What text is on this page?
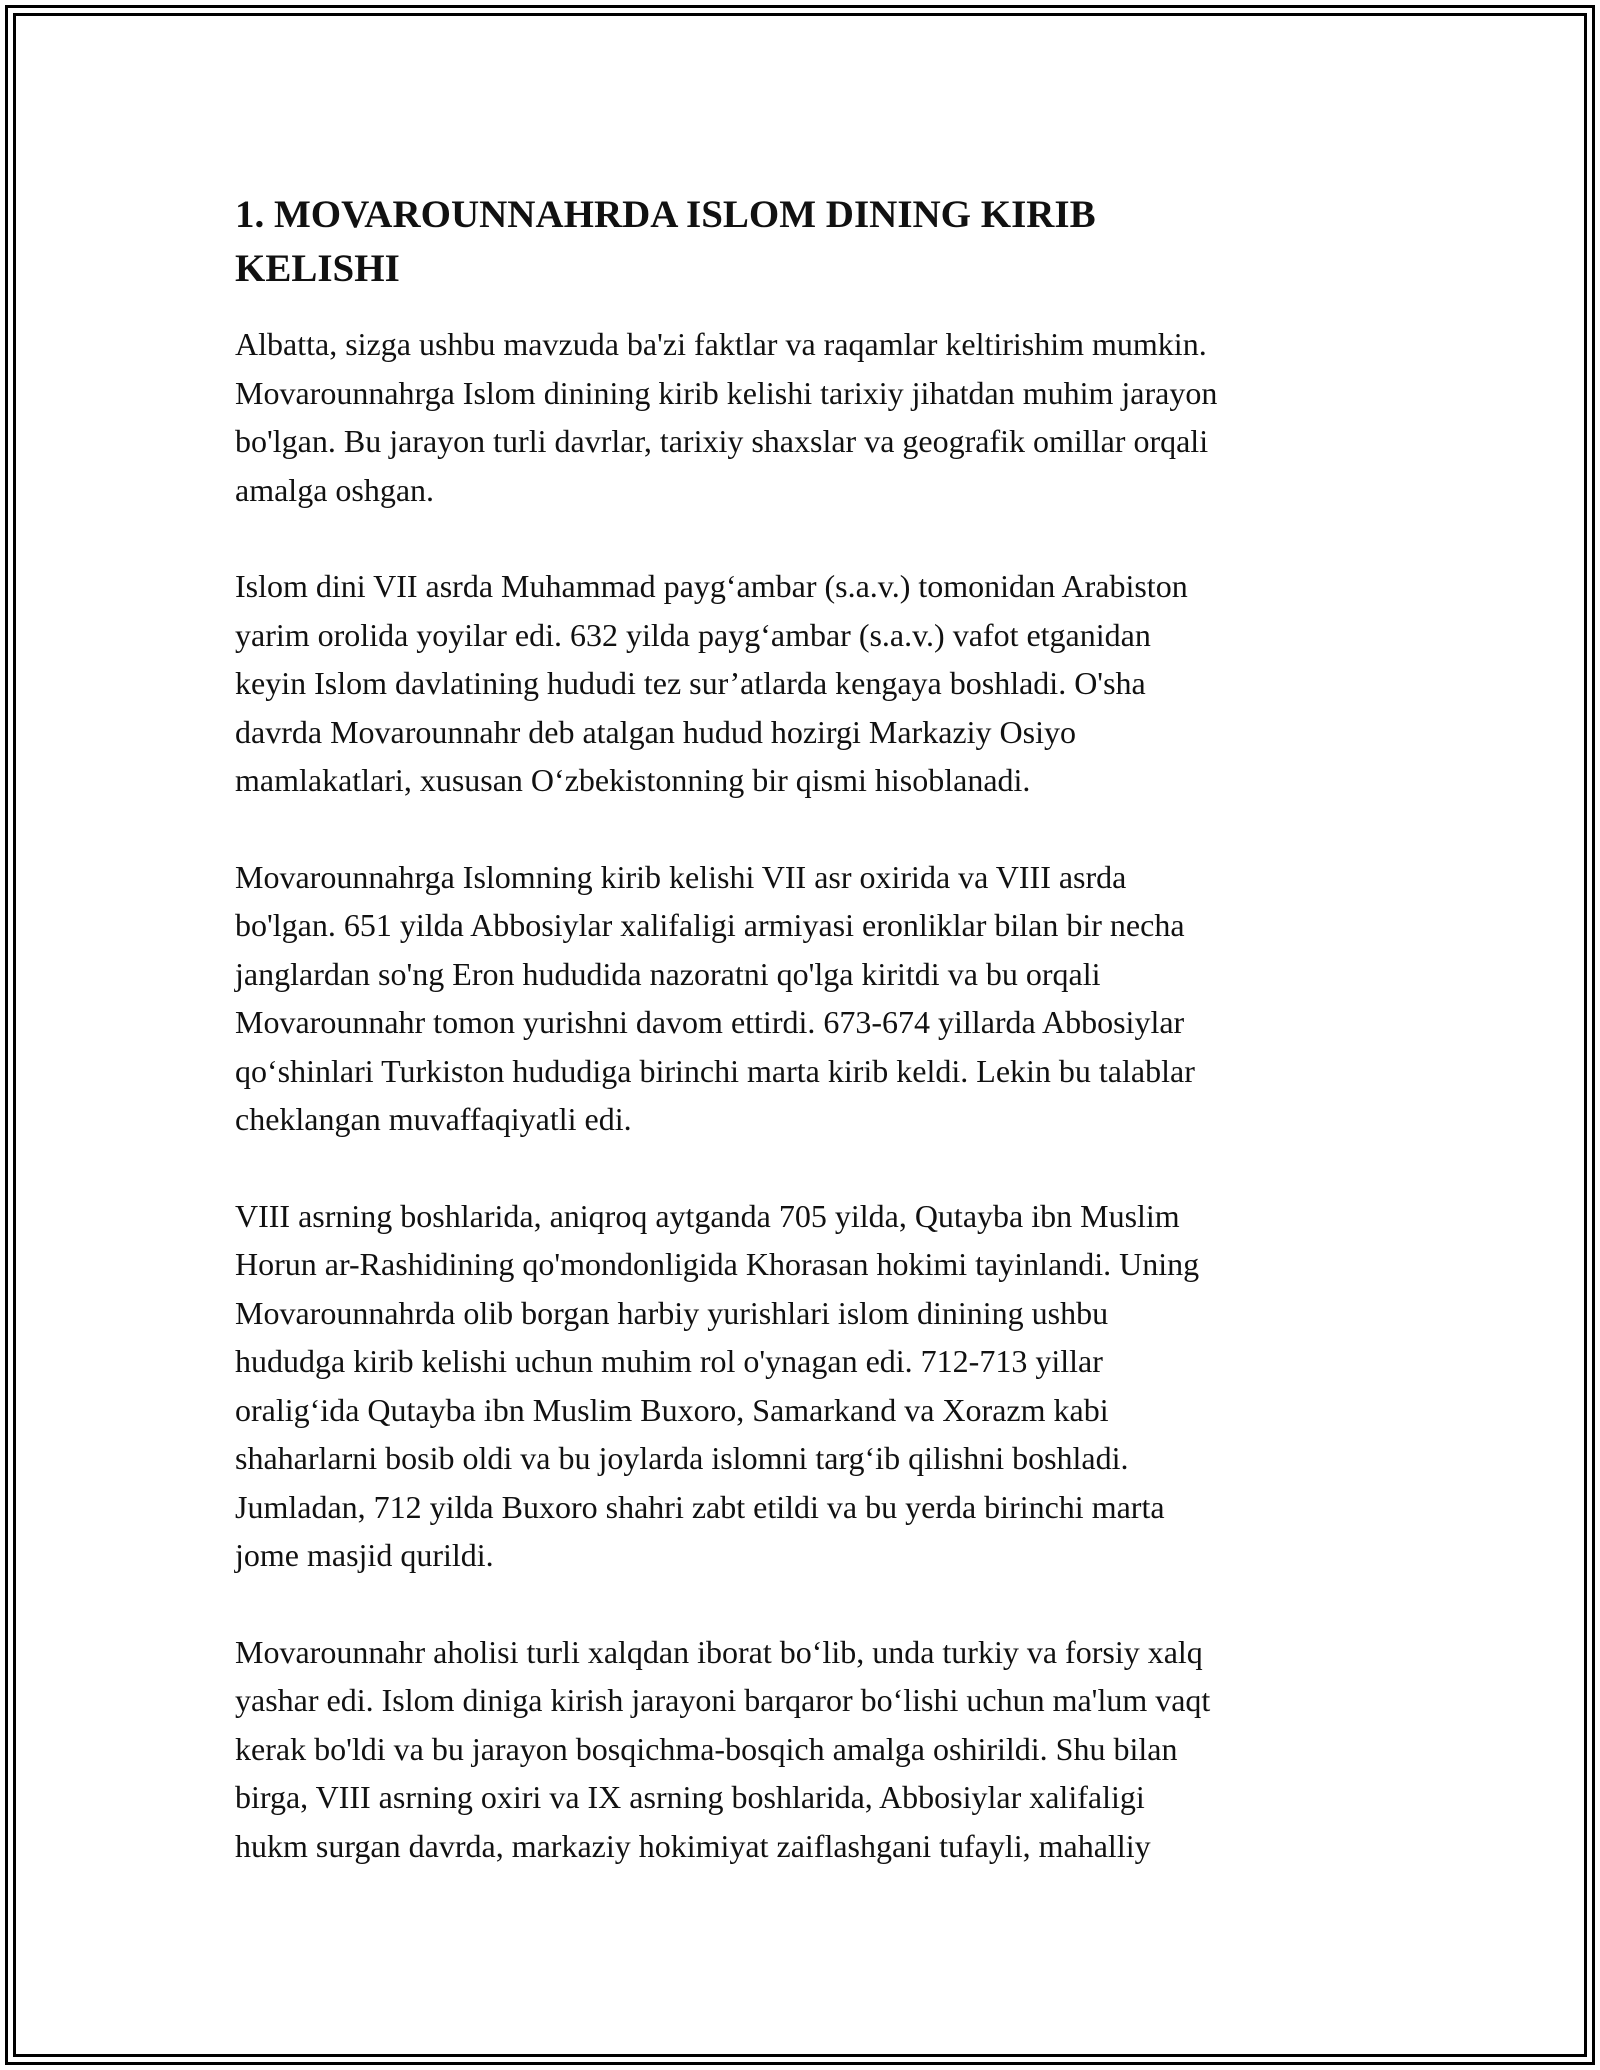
1. MOVAROUNNAHRDA ISLOM DINING KIRIB
KELISHI

Albatta, sizga ushbu mavzuda ba'zi faktlar va raqamlar keltirishim mumkin.
Movarounnahrga Islom dinining kirib kelishi tarixiy jihatdan muhim jarayon
bo'lgan. Bu jarayon turli davrlar, tarixiy shaxslar va geografik omillar orqali
amalga oshgan.

Islom dini VII asrda Muhammad payg‘ambar (s.a.v.) tomonidan Arabiston
yarim orolida yoyilar edi. 632 yilda payg‘ambar (s.a.v.) vafot etganidan
keyin Islom davlatining hududi tez sur’atlarda kengaya boshladi. O'sha
davrda Movarounnahr deb atalgan hudud hozirgi Markaziy Osiyo
mamlakatlari, xususan O‘zbekistonning bir qismi hisoblanadi.

Movarounnahrga Islomning kirib kelishi VII asr oxirida va VIII asrda
bo'lgan. 651 yilda Abbosiylar xalifaligi armiyasi eronliklar bilan bir necha
janglardan so'ng Eron hududida nazoratni qo'lga kiritdi va bu orqali
Movarounnahr tomon yurishni davom ettirdi. 673-674 yillarda Abbosiylar
qo‘shinlari Turkiston hududiga birinchi marta kirib keldi. Lekin bu talablar
cheklangan muvaffaqiyatli edi.

VIII asrning boshlarida, aniqroq aytganda 705 yilda, Qutayba ibn Muslim
Horun ar-Rashidining qo'mondonligida Khorasan hokimi tayinlandi. Uning
Movarounnahrda olib borgan harbiy yurishlari islom dinining ushbu
hududga kirib kelishi uchun muhim rol o'ynagan edi. 712-713 yillar
oralig‘ida Qutayba ibn Muslim Buxoro, Samarkand va Xorazm kabi
shaharlarni bosib oldi va bu joylarda islomni targ‘ib qilishni boshladi.
Jumladan, 712 yilda Buxoro shahri zabt etildi va bu yerda birinchi marta
jome masjid qurildi.

Movarounnahr aholisi turli xalqdan iborat bo‘lib, unda turkiy va forsiy xalq
yashar edi. Islom diniga kirish jarayoni barqaror bo‘lishi uchun ma'lum vaqt
kerak bo'ldi va bu jarayon bosqichma-bosqich amalga oshirildi. Shu bilan
birga, VIII asrning oxiri va IX asrning boshlarida, Abbosiylar xalifaligi
hukm surgan davrda, markaziy hokimiyat zaiflashgani tufayli, mahalliy
